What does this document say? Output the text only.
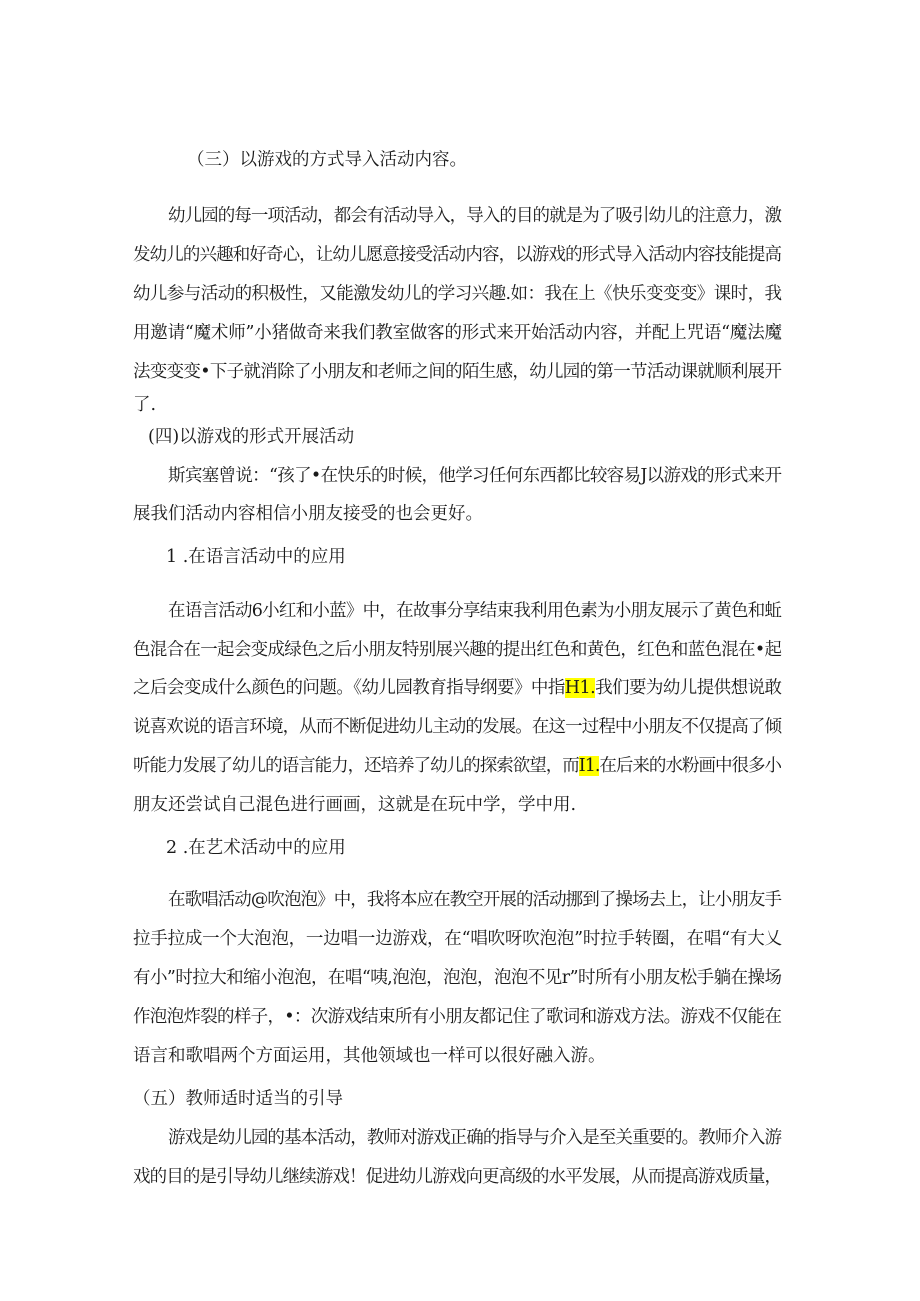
（三）以游戏的方式导入活动内容。
幼儿园的每一项活动，都会有活动导入，导入的目的就是为了吸引幼儿的注意力，激
发幼儿的兴趣和好奇心，让幼儿愿意接受活动内容，以游戏的形式导入活动内容技能提高
幼儿参与活动的积极性，又能激发幼儿的学习兴趣.如：我在上《快乐变变变》课时，我
用邀请“魔术师”小猪做奇来我们教室做客的形式来开始活动内容，并配上咒语“魔法魔
法变变变•下子就消除了小朋友和老师之间的陌生感，幼儿园的第一节活动课就顺利展开
了.
(四)以游戏的形式开展活动
斯宾塞曾说：“孩了•在快乐的时候，他学习任何东西都比较容易J以游戏的形式来开
展我们活动内容相信小朋友接受的也会更好。
1 .在语言活动中的应用
在语言活动6小红和小蓝》中，在故事分享结束我利用色素为小朋友展示了黄色和蚯
色混合在一起会变成绿色之后小朋友特别展兴趣的提出红色和黄色，红色和蓝色混在•起
之后会变成什么颜色的问题。《幼儿园教育指导纲要》中指H1.我们要为幼儿提供想说敢
说喜欢说的语言环境，从而不断促进幼儿主动的发展。在这一过程中小朋友不仅提高了倾
听能力发展了幼儿的语言能力，还培养了幼儿的探索欲望，而I1.在后来的水粉画中很多小
朋友还尝试自己混色进行画画，这就是在玩中学，学中用.
2 .在艺术活动中的应用
在歌唱活动@吹泡泡》中，我将本应在教空开展的活动挪到了操场去上，让小朋友手
拉手拉成一个大泡泡，一边唱一边游戏，在“唱吹呀吹泡泡”时拉手转圈，在唱“有大乂
有小”时拉大和缩小泡泡，在唱“咦,泡泡，泡泡，泡泡不见r”时所有小朋友松手躺在操场
作泡泡炸裂的样子，•：次游戏结束所有小朋友都记住了歌词和游戏方法。游戏不仅能在
语言和歌唱两个方面运用，其他领域也一样可以很好融入游。
（五）教师适时适当的引导
游戏是幼儿园的基本活动，教师对游戏正确的指导与介入是至关重要的。教师介入游
戏的目的是引导幼儿继续游戏！促进幼儿游戏向更高级的水平发展，从而提高游戏质量，
